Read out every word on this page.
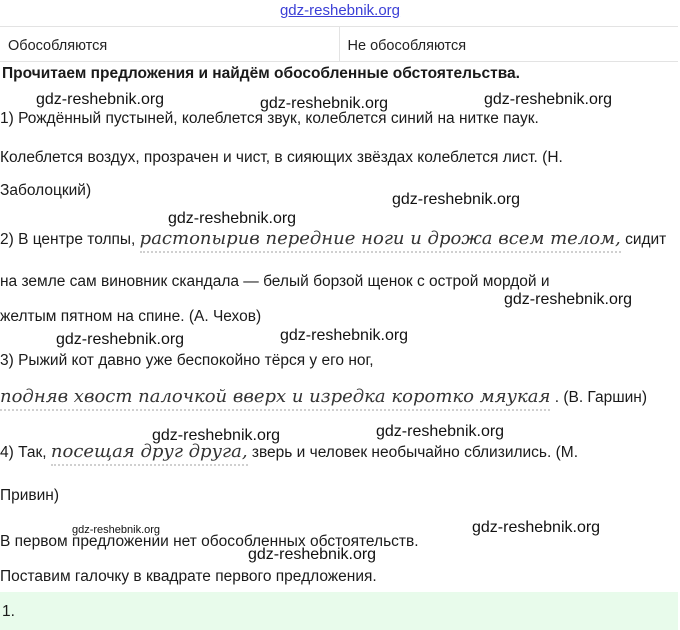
gdz-reshebnik.org
Обособляются	Не обособляются
Прочитаем предложения и найдём обособленные обстоятельства.
1) Рождённый пустыней, колеблется звук, колеблется синий на нитке паук.
Колеблется воздух, прозрачен и чист, в сияющих звёздах колеблется лист. (Н.
Заболоцкий)
2) В центре толпы, растопырив передние ноги и дрожа всем телом, сидит
на земле сам виновник скандала — белый борзой щенок с острой мордой и
желтым пятном на спине. (А. Чехов)
3) Рыжий кот давно уже беспокойно тёрся у его ног,
подняв хвост палочкой вверх и изредка коротко мяукая . (В. Гаршин)
4) Так, посещая друг друга, зверь и человек необычайно сблизились. (М.
Привин)
В первом предложении нет обособленных обстоятельств.
Поставим галочку в квадрате первого предложения.
1.
gdz-reshebnik.org	gdz-reshebnik.org	gdz-reshebnik.org
gdz-reshebnik.org
gdz-reshebnik.org
gdz-reshebnik.org
gdz-reshebnik.org	gdz-reshebnik.org
gdz-reshebnik.org	gdz-reshebnik.org
gdz-reshebnik.org	gdz-reshebnik.org
gdz-reshebnik.org
